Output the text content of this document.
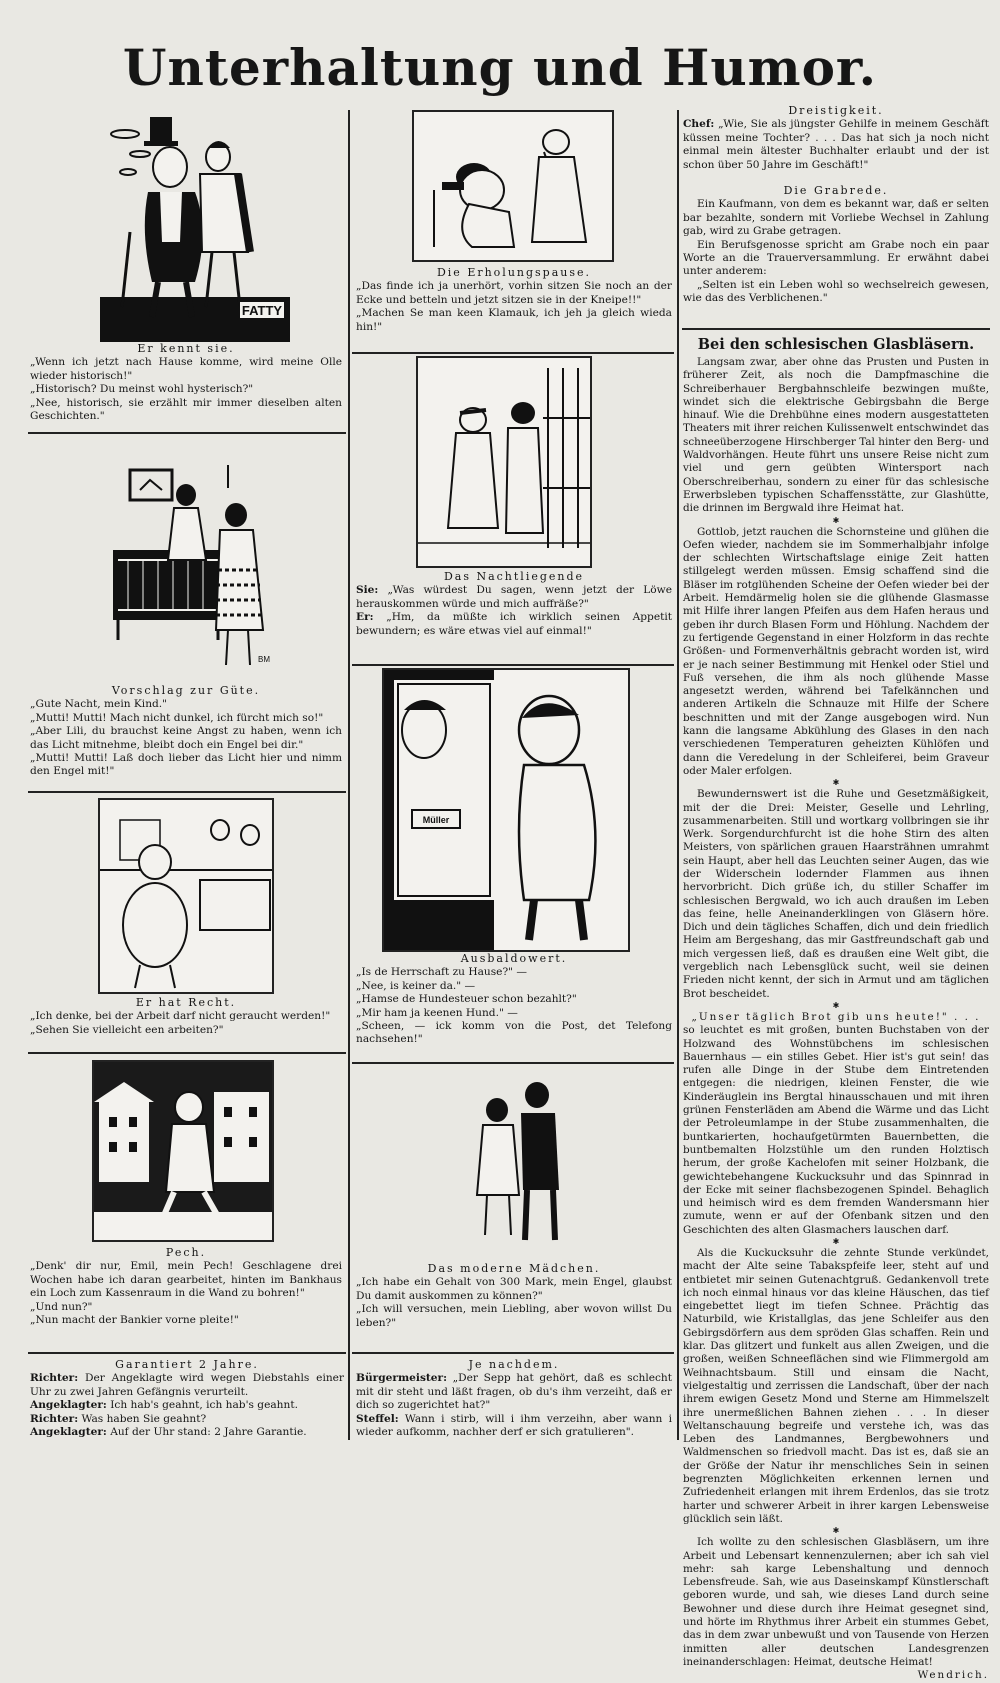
Unterhaltung und Humor.
FATTY
Er kennt sie.

„Wenn ich jetzt nach Hause komme, wird meine Olle wieder historisch!"

„Historisch? Du meinst wohl hysterisch?"

„Nee, historisch, sie erzählt mir immer dieselben alten Geschichten."

BM
Vorschlag zur Güte.

„Gute Nacht, mein Kind."

„Mutti! Mutti! Mach nicht dunkel, ich fürcht mich so!"

„Aber Lili, du brauchst keine Angst zu haben, wenn ich das Licht mitnehme, bleibt doch ein Engel bei dir."

„Mutti! Mutti! Laß doch lieber das Licht hier und nimm den Engel mit!"

Er hat Recht.

„Ich denke, bei der Arbeit darf nicht geraucht werden!"

„Sehen Sie vielleicht een arbeiten?"

Pech.

„Denk' dir nur, Emil, mein Pech! Geschlagene drei Wochen habe ich daran gearbeitet, hinten im Bankhaus ein Loch zum Kassenraum in die Wand zu bohren!"

„Und nun?"

„Nun macht der Bankier vorne pleite!"

Garantiert 2 Jahre.

Richter: Der Angeklagte wird wegen Diebstahls einer Uhr zu zwei Jahren Gefängnis verurteilt.

Angeklagter: Ich hab's geahnt, ich hab's geahnt.

Richter: Was haben Sie geahnt?

Angeklagter: Auf der Uhr stand: 2 Jahre Garantie.

Die Erholungspause.

„Das finde ich ja unerhört, vorhin sitzen Sie noch an der Ecke und betteln und jetzt sitzen sie in der Kneipe!!"

„Machen Se man keen Klamauk, ich jeh ja gleich wieda hin!"

Das Nachtliegende

Sie: „Was würdest Du sagen, wenn jetzt der Löwe herauskommen würde und mich auffräße?"

Er: „Hm, da müßte ich wirklich seinen Appetit bewundern; es wäre etwas viel auf einmal!"

Müller
Ausbaldowert.

„Is de Herrschaft zu Hause?" —

„Nee, is keiner da." —

„Hamse de Hundesteuer schon bezahlt?"

„Mir ham ja keenen Hund." —

„Scheen, — ick komm von die Post, det Telefong nachsehen!"

Das moderne Mädchen.

„Ich habe ein Gehalt von 300 Mark, mein Engel, glaubst Du damit auskommen zu können?"

„Ich will versuchen, mein Liebling, aber wovon willst Du leben?"

Je nachdem.

Bürgermeister: „Der Sepp hat gehört, daß es schlecht mit dir steht und läßt fragen, ob du's ihm verzeiht, daß er dich so zugerichtet hat?"

Steffel: Wann i stirb, will i ihm verzeihn, aber wann i wieder aufkomm, nachher derf er sich gratulieren".

Dreistigkeit.

Chef: „Wie, Sie als jüngster Gehilfe in meinem Geschäft küssen meine Tochter? . . . Das hat sich ja noch nicht einmal mein ältester Buchhalter erlaubt und der ist schon über 50 Jahre im Geschäft!"

Die Grabrede.

Ein Kaufmann, von dem es bekannt war, daß er selten bar bezahlte, sondern mit Vorliebe Wechsel in Zahlung gab, wird zu Grabe getragen.

Ein Berufsgenosse spricht am Grabe noch ein paar Worte an die Trauerversammlung. Er erwähnt dabei unter anderem:

„Selten ist ein Leben wohl so wechselreich gewesen, wie das des Verblichenen."

Bei den schlesischen Glasbläsern.

Langsam zwar, aber ohne das Prusten und Pusten in früherer Zeit, als noch die Dampfmaschine die Schreiberhauer Bergbahnschleife bezwingen mußte, windet sich die elektrische Gebirgsbahn die Berge hinauf. Wie die Drehbühne eines modern ausgestatteten Theaters mit ihrer reichen Kulissenwelt entschwindet das schneeüberzogene Hirschberger Tal hinter den Berg- und Waldvorhängen. Heute führt uns unsere Reise nicht zum viel und gern geübten Wintersport nach Oberschreiberhau, sondern zu einer für das schlesische Erwerbsleben typischen Schaffensstätte, zur Glashütte, die drinnen im Bergwald ihre Heimat hat.

✱

Gottlob, jetzt rauchen die Schornsteine und glühen die Oefen wieder, nachdem sie im Sommerhalbjahr infolge der schlechten Wirtschaftslage einige Zeit hatten stillgelegt werden müssen. Emsig schaffend sind die Bläser im rotglühenden Scheine der Oefen wieder bei der Arbeit. Hemdärmelig holen sie die glühende Glasmasse mit Hilfe ihrer langen Pfeifen aus dem Hafen heraus und geben ihr durch Blasen Form und Höhlung. Nachdem der zu fertigende Gegenstand in einer Holzform in das rechte Größen- und Formenverhältnis gebracht worden ist, wird er je nach seiner Bestimmung mit Henkel oder Stiel und Fuß versehen, die ihm als noch glühende Masse angesetzt werden, während bei Tafelkännchen und anderen Artikeln die Schnauze mit Hilfe der Schere beschnitten und mit der Zange ausgebogen wird. Nun kann die langsame Abkühlung des Glases in den nach verschiedenen Temperaturen geheizten Kühlöfen und dann die Veredelung in der Schleiferei, beim Graveur oder Maler erfolgen.

✱

Bewundernswert ist die Ruhe und Gesetzmäßigkeit, mit der die Drei: Meister, Geselle und Lehrling, zusammenarbeiten. Still und wortkarg vollbringen sie ihr Werk. Sorgendurchfurcht ist die hohe Stirn des alten Meisters, von spärlichen grauen Haarsträhnen umrahmt sein Haupt, aber hell das Leuchten seiner Augen, das wie der Widerschein lodernder Flammen aus ihnen hervorbricht. Dich grüße ich, du stiller Schaffer im schlesischen Bergwald, wo ich auch draußen im Leben das feine, helle Aneinanderklingen von Gläsern höre. Dich und dein tägliches Schaffen, dich und dein friedlich Heim am Bergeshang, das mir Gastfreundschaft gab und mich vergessen ließ, daß es draußen eine Welt gibt, die vergeblich nach Lebensglück sucht, weil sie deinen Frieden nicht kennt, der sich in Armut und am täglichen Brot bescheidet.

✱

„Unser täglich Brot gib uns heute!" . . .

so leuchtet es mit großen, bunten Buchstaben von der Holzwand des Wohnstübchens im schlesischen Bauernhaus — ein stilles Gebet. Hier ist's gut sein! das rufen alle Dinge in der Stube dem Eintretenden entgegen: die niedrigen, kleinen Fenster, die wie Kinderäuglein ins Bergtal hinausschauen und mit ihren grünen Fensterläden am Abend die Wärme und das Licht der Petroleumlampe in der Stube zusammenhalten, die buntkarierten, hochaufgetürmten Bauernbetten, die buntbemalten Holzstühle um den runden Holztisch herum, der große Kachelofen mit seiner Holzbank, die gewichtebehangene Kuckucksuhr und das Spinnrad in der Ecke mit seiner flachsbezogenen Spindel. Behaglich und heimisch wird es dem fremden Wandersmann hier zumute, wenn er auf der Ofenbank sitzen und den Geschichten des alten Glasmachers lauschen darf.

✱

Als die Kuckucksuhr die zehnte Stunde verkündet, macht der Alte seine Tabakspfeife leer, steht auf und entbietet mir seinen Gutenachtgruß. Gedankenvoll trete ich noch einmal hinaus vor das kleine Häuschen, das tief eingebettet liegt im tiefen Schnee. Prächtig das Naturbild, wie Kristallglas, das jene Schleifer aus den Gebirgsdörfern aus dem spröden Glas schaffen. Rein und klar. Das glitzert und funkelt aus allen Zweigen, und die großen, weißen Schneeflächen sind wie Flimmergold am Weihnachtsbaum. Still und einsam die Nacht, vielgestaltig und zerrissen die Landschaft, über der nach ihrem ewigen Gesetz Mond und Sterne am Himmelszelt ihre unermeßlichen Bahnen ziehen . . . In dieser Weltanschauung begreife und verstehe ich, was das Leben des Landmannes, Bergbewohners und Waldmenschen so friedvoll macht. Das ist es, daß sie an der Größe der Natur ihr menschliches Sein in seinen begrenzten Möglichkeiten erkennen lernen und Zufriedenheit erlangen mit ihrem Erdenlos, das sie trotz harter und schwerer Arbeit in ihrer kargen Lebensweise glücklich sein läßt.

✱

Ich wollte zu den schlesischen Glasbläsern, um ihre Arbeit und Lebensart kennenzulernen; aber ich sah viel mehr: sah karge Lebenshaltung und dennoch Lebensfreude. Sah, wie aus Daseinskampf Künstlerschaft geboren wurde, und sah, wie dieses Land durch seine Bewohner und diese durch ihre Heimat gesegnet sind, und hörte im Rhythmus ihrer Arbeit ein stummes Gebet, das in dem zwar unbewußt und von Tausende von Herzen inmitten aller deutschen Landesgrenzen ineinanderschlagen: Heimat, deutsche Heimat!

Wendrich.
